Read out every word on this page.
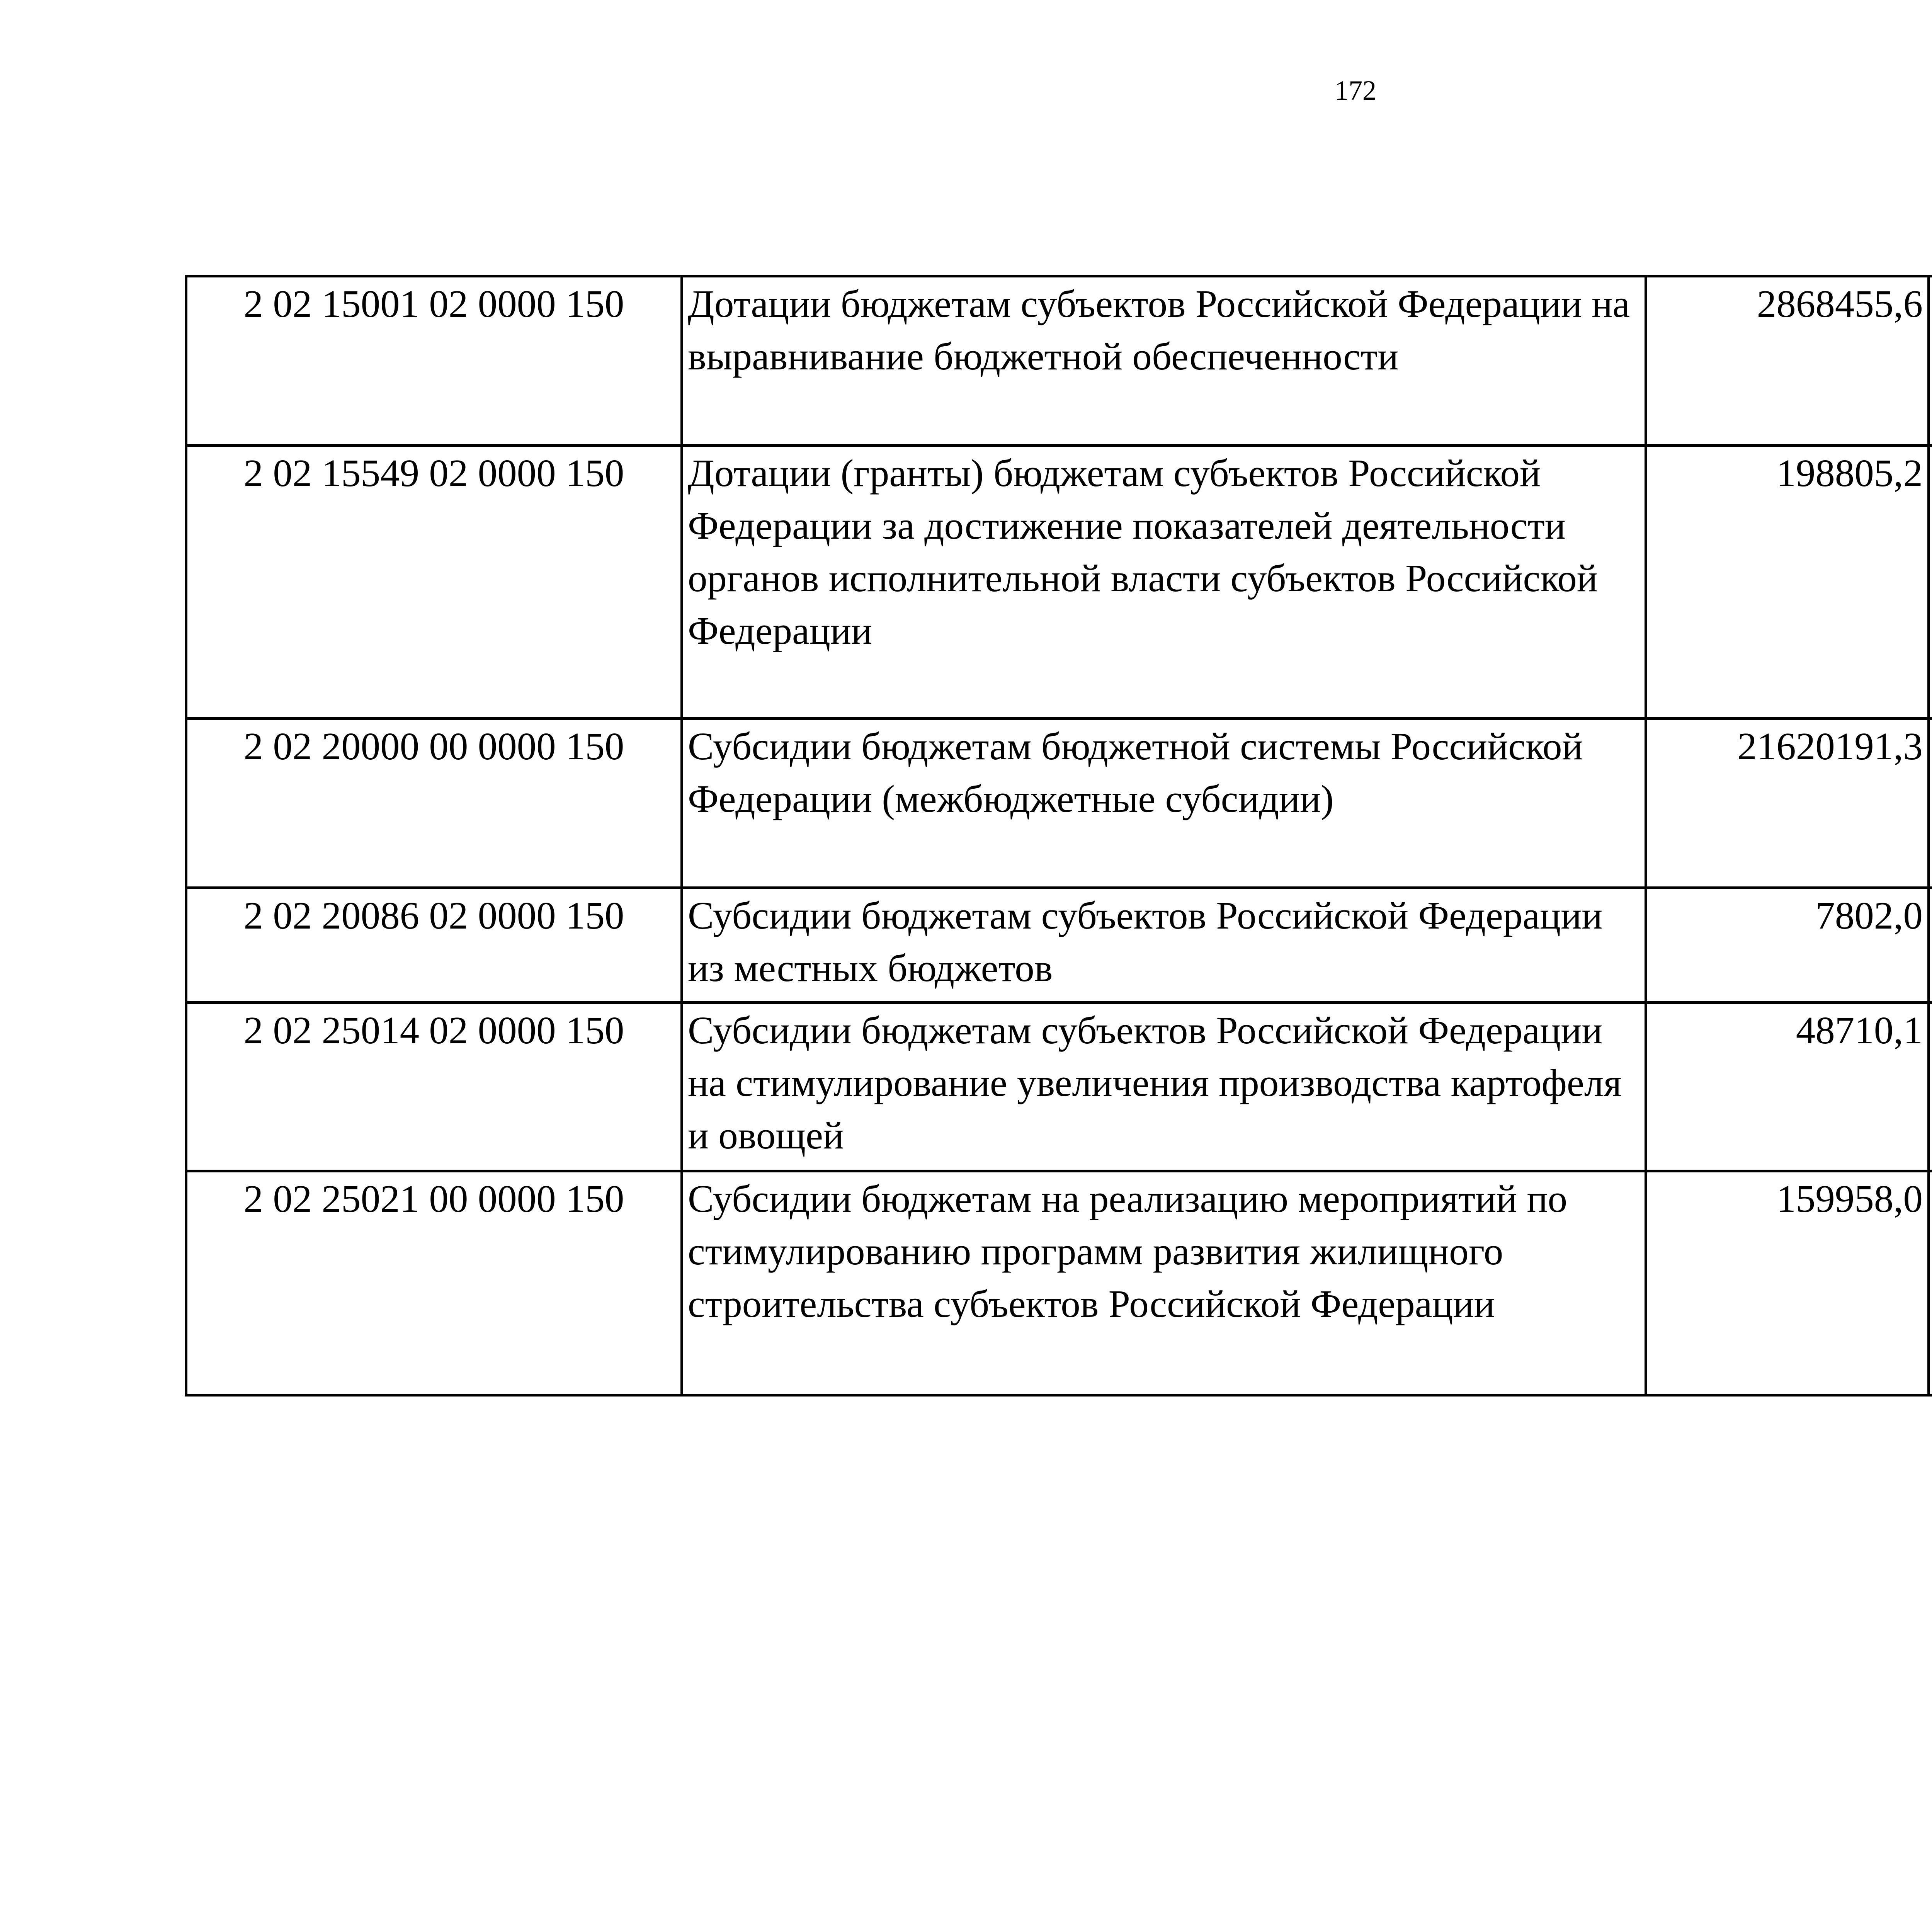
172
2 02 15001 02 0000 150	Дотации бюджетам субъектов Российской Федерации на выравнивание бюджетной обеспеченности	2868455,6		
2 02 15549 02 0000 150	Дотации (гранты) бюджетам субъектов Российской Федерации за достижение показателей деятельности органов исполнительной власти субъектов Российской Федерации	198805,2		
2 02 20000 00 0000 150	Субсидии бюджетам бюджетной системы Российской Федерации (межбюджетные субсидии)	21620191,3		
2 02 20086 02 0000 150	Субсидии бюджетам субъектов Российской Федерации из местных бюджетов	7802,0		
2 02 25014 02 0000 150	Субсидии бюджетам субъектов Российской Федерации на стимулирование увеличения производства картофеля и овощей	48710,1		
2 02 25021 00 0000 150	Субсидии бюджетам на реализацию мероприятий по стимулированию программ развития жилищного строительства субъектов Российской Федерации	159958,0		
